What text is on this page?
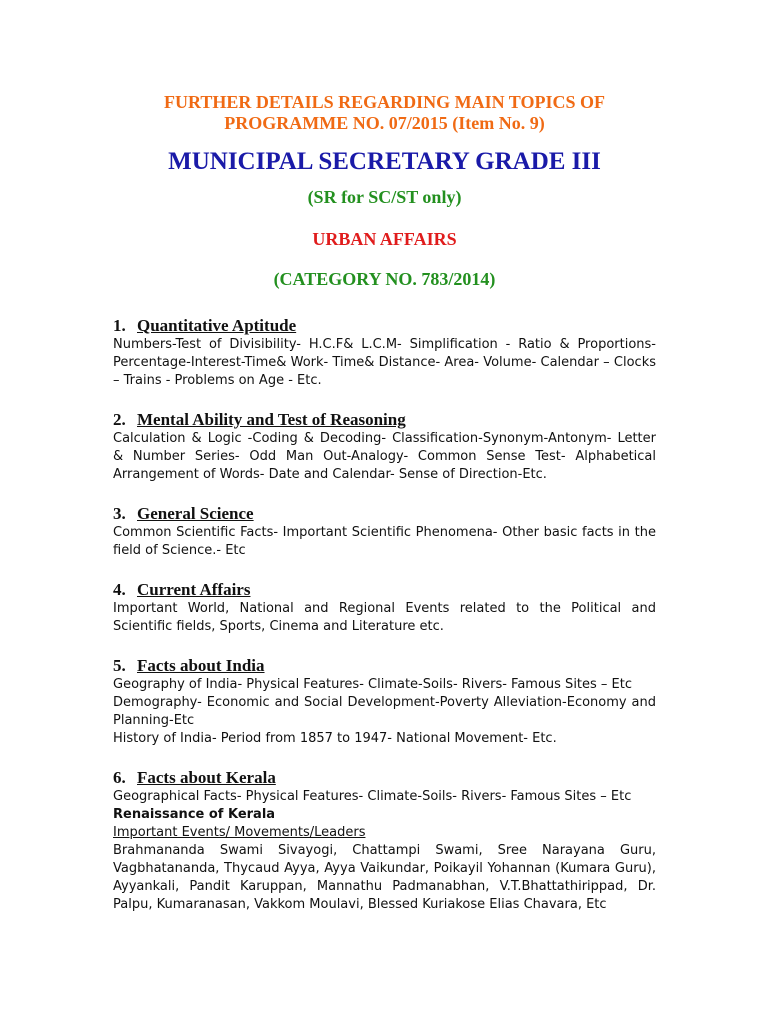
FURTHER DETAILS REGARDING MAIN TOPICS OF PROGRAMME NO. 07/2015 (Item No. 9)
MUNICIPAL SECRETARY GRADE III
(SR for SC/ST only)
URBAN AFFAIRS
(CATEGORY NO. 783/2014)
1. Quantitative Aptitude

Numbers-Test of Divisibility- H.C.F& L.C.M- Simplification - Ratio & Proportions- Percentage-Interest-Time& Work- Time& Distance- Area- Volume- Calendar – Clocks – Trains - Problems on Age - Etc.

2. Mental Ability and Test of Reasoning

Calculation & Logic -Coding & Decoding- Classification-Synonym-Antonym- Letter & Number Series- Odd Man Out-Analogy- Common Sense Test- Alphabetical Arrangement of Words- Date and Calendar- Sense of Direction-Etc.

3. General Science

Common Scientific Facts- Important Scientific Phenomena- Other basic facts in the field of Science.- Etc

4. Current Affairs

Important World, National and Regional Events related to the Political and Scientific fields, Sports, Cinema and Literature etc.

5. Facts about India

Geography of India- Physical Features- Climate-Soils- Rivers- Famous Sites – Etc

Demography- Economic and Social Development-Poverty Alleviation-Economy and Planning-Etc

History of India- Period from 1857 to 1947- National Movement- Etc.

6. Facts about Kerala

Geographical Facts- Physical Features- Climate-Soils- Rivers- Famous Sites – Etc

Renaissance of Kerala
Important Events/ Movements/Leaders

Brahmananda Swami Sivayogi, Chattampi Swami, Sree Narayana Guru, Vagbhatananda, Thycaud Ayya, Ayya Vaikundar, Poikayil Yohannan (Kumara Guru), Ayyankali, Pandit Karuppan, Mannathu Padmanabhan, V.T.Bhattathirippad, Dr. Palpu, Kumaranasan, Vakkom Moulavi, Blessed Kuriakose Elias Chavara, Etc
